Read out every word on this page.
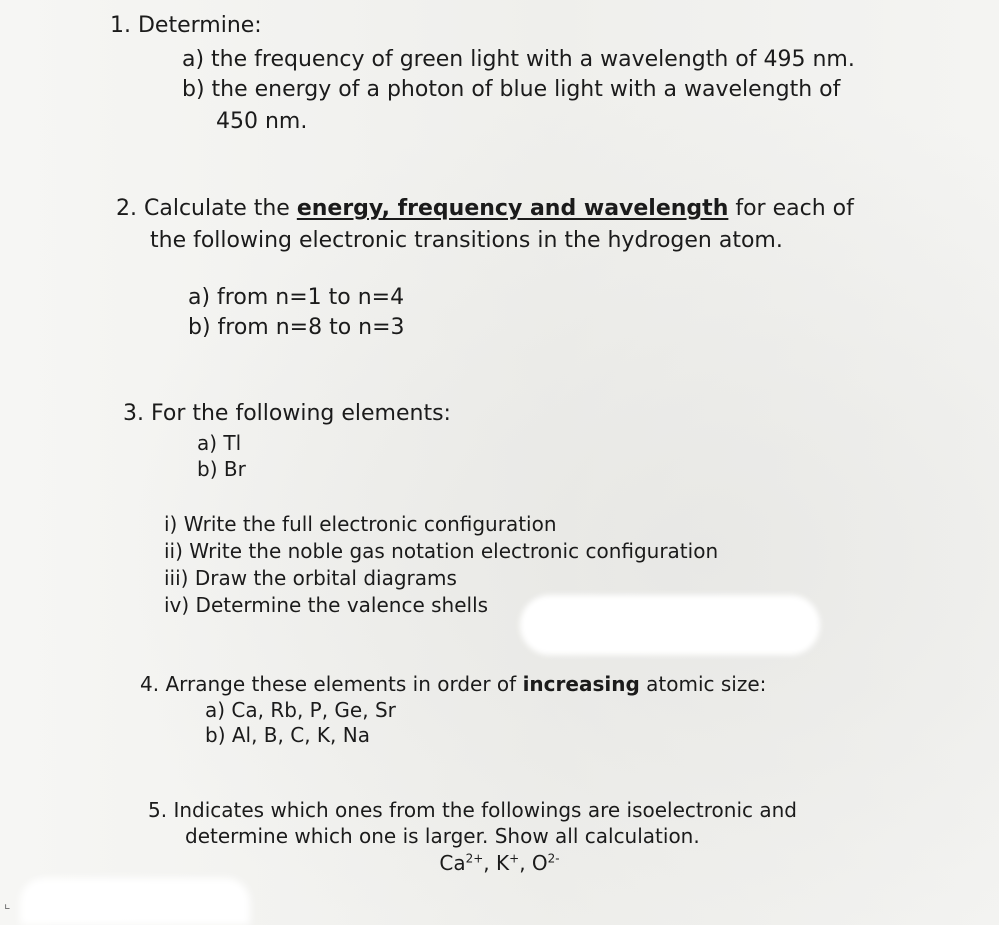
1. Determine:
a) the frequency of green light with a wavelength of 495 nm.
b) the energy of a photon of blue light with a wavelength of
450 nm.
2. Calculate the energy, frequency and wavelength for each of
the following electronic transitions in the hydrogen atom.
a) from n=1 to n=4
b) from n=8 to n=3
3. For the following elements:
a) Tl
b) Br
i) Write the full electronic configuration
ii) Write the noble gas notation electronic configuration
iii) Draw the orbital diagrams
iv) Determine the valence shells
4. Arrange these elements in order of increasing atomic size:
a) Ca, Rb, P, Ge, Sr
b) Al, B, C, K, Na
5. Indicates which ones from the followings are isoelectronic and
determine which one is larger. Show all calculation.
$Ca^{2+}$, K+, $O^{2-}$
⌞
